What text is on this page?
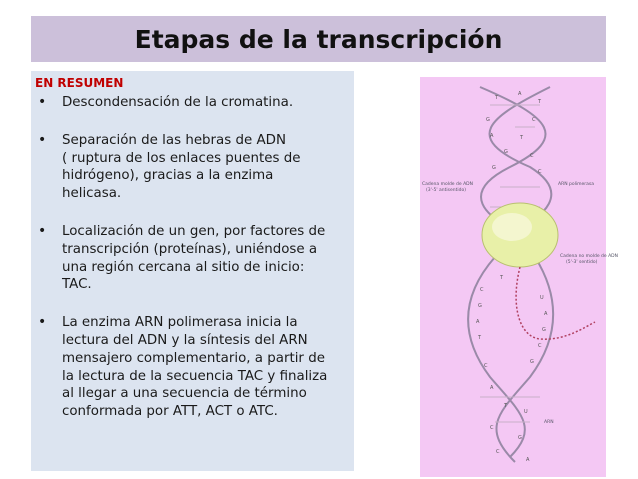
Etapas de la transcripción
EN RESUMEN
• Descondensación de la cromatina.
• Separación de las hebras de ADN
( ruptura de los enlaces puentes de
hidrógeno), gracias a la enzima
helicasa.
• Localización de un gen, por factores de
transcripción (proteínas), uniéndose a
una región cercana al sitio de inicio:
TAC.
• La enzima ARN polimerasa inicia la
lectura del ADN y la síntesis del ARN
mensajero complementario, a partir de
la lectura de la secuencia TAC y finaliza
al llegar a una secuencia de término
conformada por ATT, ACT o ATC.
T
A
T
G	C
A	T
G
C
G
C
T
C
G
A
T
U
A
G
C
G
C
A
T
U
C
G
C
A
Cadena molde de ADN
(3'-5' antisentido)
ARN polimerasa
Cadena no molde de ADN
(5'-3' sentido)
ARN
